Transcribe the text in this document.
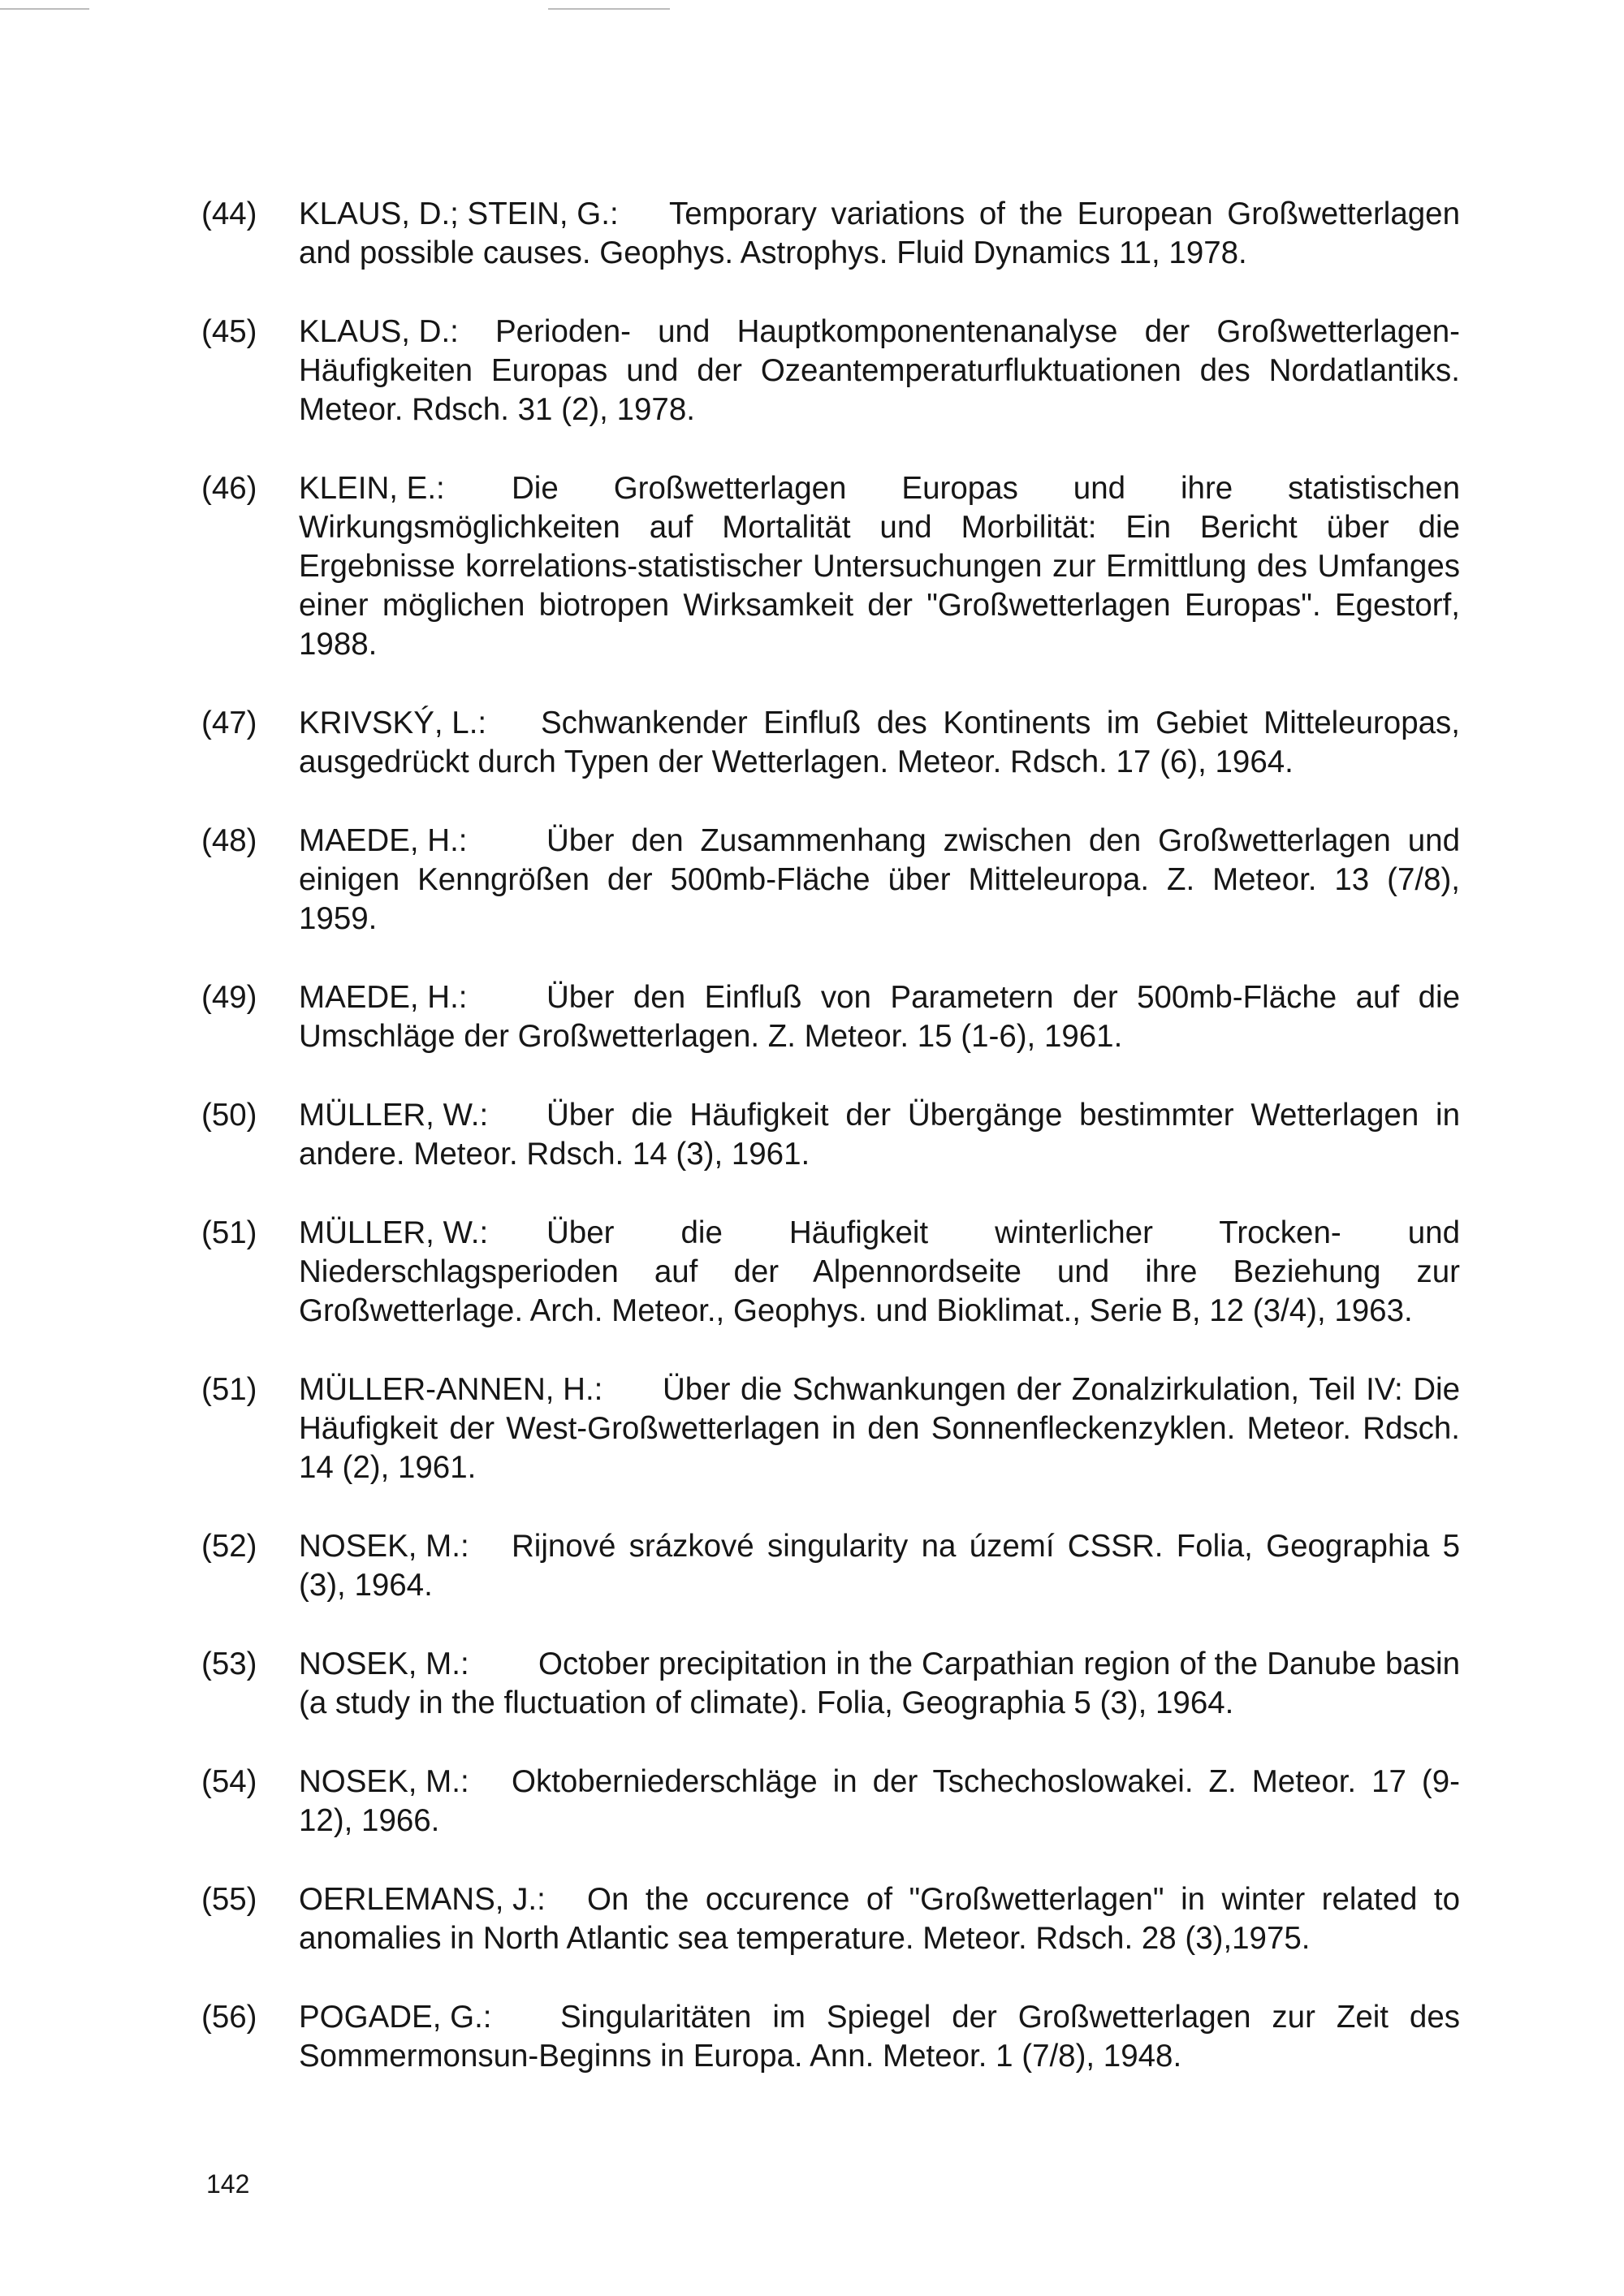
(44)	KLAUS, D.; STEIN, G.: Temporary variations of the European Großwetterlagen and possible causes. Geophys. Astrophys. Fluid Dynamics 11, 1978.
(45)	KLAUS, D.: Perioden- und Hauptkomponentenanalyse der Großwetterlagen-Häufigkeiten Europas und der Ozeantemperaturfluktuationen des Nordatlantiks. Meteor. Rdsch. 31 (2), 1978.
(46)	KLEIN, E.: Die Großwetterlagen Europas und ihre statistischen Wirkungsmöglichkeiten auf Mortalität und Morbilität: Ein Bericht über die Ergebnisse korrelations-statistischer Untersuchungen zur Ermittlung des Umfanges einer möglichen biotropen Wirksamkeit der "Großwetterlagen Europas". Egestorf, 1988.
(47)	KRIVSKÝ, L.: Schwankender Einfluß des Kontinents im Gebiet Mitteleuropas, ausgedrückt durch Typen der Wetterlagen. Meteor. Rdsch. 17 (6), 1964.
(48)	MAEDE, H.:	Über den Zusammenhang zwischen den Großwetterlagen und einigen Kenngrößen der 500mb-Fläche über Mitteleuropa. Z. Meteor. 13 (7/8), 1959.
(49)	MAEDE, H.:	Über den Einfluß von Parametern der 500mb-Fläche auf die Umschläge der Großwetterlagen. Z. Meteor. 15 (1-6), 1961.
(50)	MÜLLER, W.: Über die Häufigkeit der Übergänge bestimmter Wetterlagen in andere. Meteor. Rdsch. 14 (3), 1961.
(51)	MÜLLER, W.: Über die Häufigkeit winterlicher Trocken- und Niederschlagsperioden auf der Alpennordseite und ihre Beziehung zur Großwetterlage. Arch. Meteor., Geophys. und Bioklimat., Serie B, 12 (3/4), 1963.
(51)	MÜLLER-ANNEN, H.: Über die Schwankungen der Zonalzirkulation, Teil IV: Die Häufigkeit der West-Großwetterlagen in den Sonnenfleckenzyklen. Meteor. Rdsch. 14 (2), 1961.
(52)	NOSEK, M.: Rijnové srázkové singularity na území CSSR. Folia, Geographia 5 (3), 1964.
(53)	NOSEK, M.: October precipitation in the Carpathian region of the Danube basin (a study in the fluctuation of climate). Folia, Geographia 5 (3), 1964.
(54)	NOSEK, M.: Oktoberniederschläge in der Tschechoslowakei. Z. Meteor. 17 (9-12), 1966.
(55)	OERLEMANS, J.: On the occurence of "Großwetterlagen" in winter related to anomalies in North Atlantic sea temperature. Meteor. Rdsch. 28 (3),1975.
(56)	POGADE, G.: Singularitäten im Spiegel der Großwetterlagen zur Zeit des Sommermonsun-Beginns in Europa. Ann. Meteor. 1 (7/8), 1948.
142
